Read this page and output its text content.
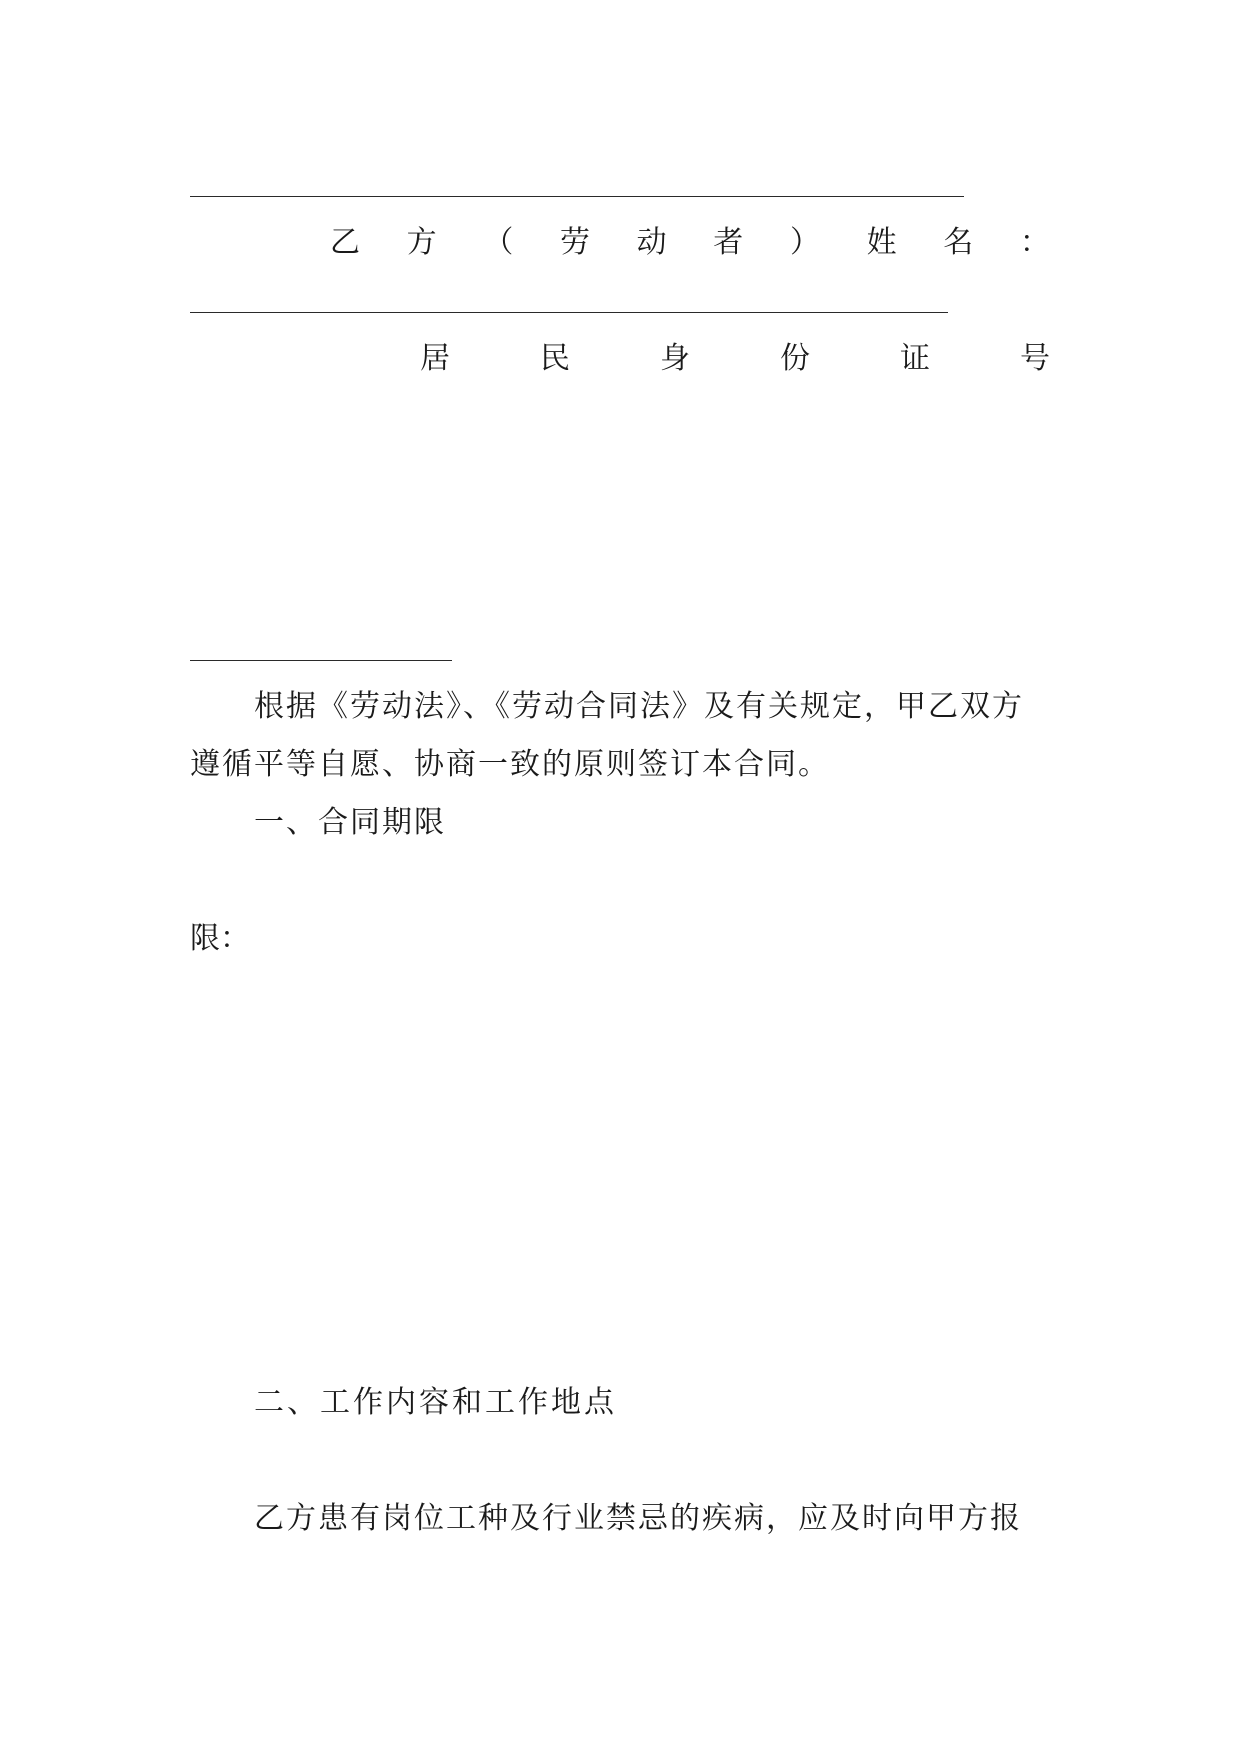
乙 方 （ 劳 动 者 ） 姓 名 ：
居	民	身	份	证	号

根据《劳动法》、《劳动合同法》及有关规定，甲乙双方
遵循平等自愿、协商一致的原则签订本合同。
一、合同期限

限：

二、工作内容和工作地点

乙方患有岗位工种及行业禁忌的疾病，应及时向甲方报
